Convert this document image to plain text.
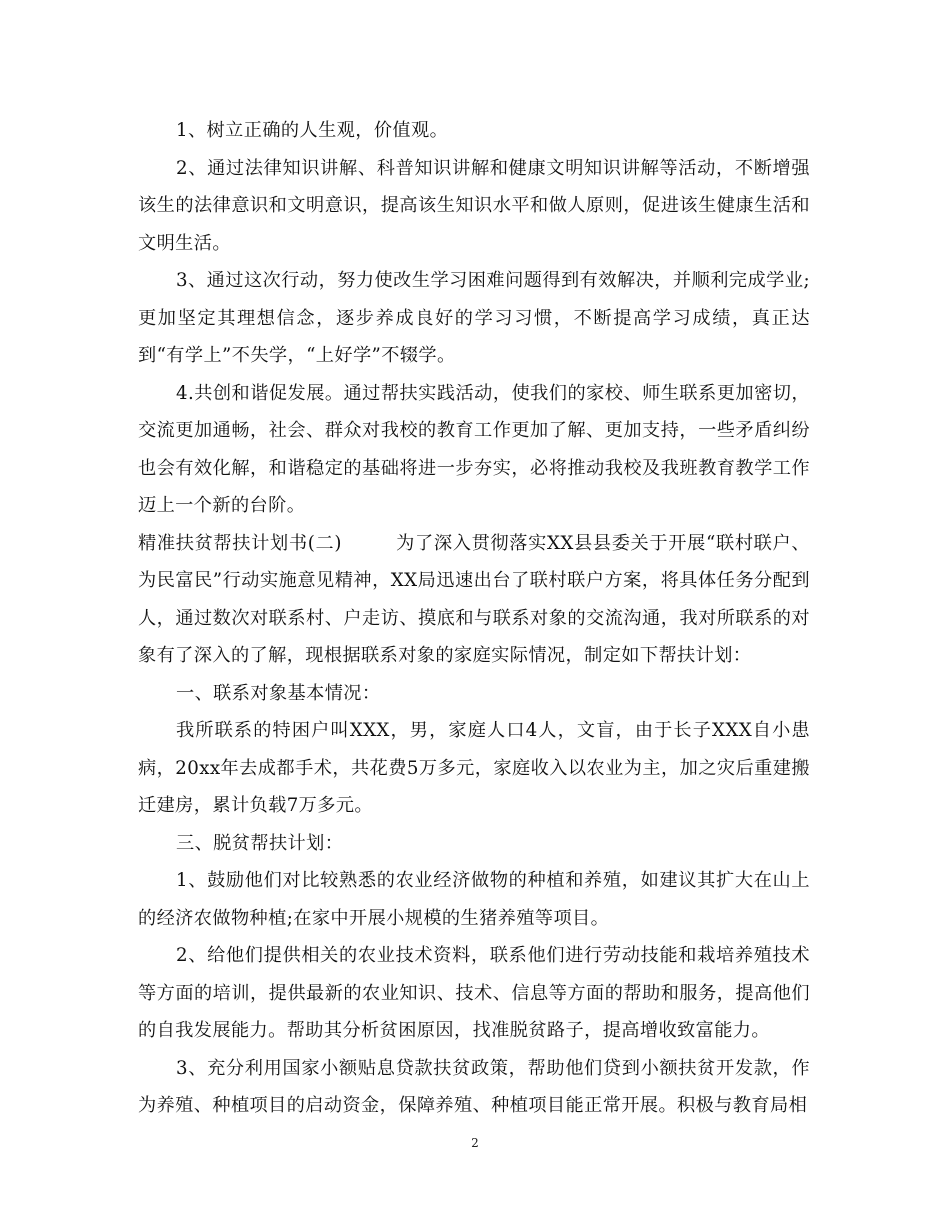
1、树立正确的人生观，价值观。

2、通过法律知识讲解、科普知识讲解和健康文明知识讲解等活动，不断增强该生的法律意识和文明意识，提高该生知识水平和做人原则，促进该生健康生活和文明生活。

3、通过这次行动，努力使改生学习困难问题得到有效解决，并顺利完成学业;更加坚定其理想信念，逐步养成良好的学习习惯，不断提高学习成绩，真正达到“有学上”不失学，“上好学”不辍学。

4.共创和谐促发展。通过帮扶实践活动，使我们的家校、师生联系更加密切，交流更加通畅，社会、群众对我校的教育工作更加了解、更加支持，一些矛盾纠纷也会有效化解，和谐稳定的基础将进一步夯实，必将推动我校及我班教育教学工作迈上一个新的台阶。

精准扶贫帮扶计划书(二)	为了深入贯彻落实XX县县委关于开展“联村联户、为民富民”行动实施意见精神，XX局迅速出台了联村联户方案，将具体任务分配到人，通过数次对联系村、户走访、摸底和与联系对象的交流沟通，我对所联系的对象有了深入的了解，现根据联系对象的家庭实际情况，制定如下帮扶计划：

一、联系对象基本情况：

我所联系的特困户叫XXX，男，家庭人口4人，文盲，由于长子XXX自小患病，20xx年去成都手术，共花费5万多元，家庭收入以农业为主，加之灾后重建搬迁建房，累计负载7万多元。

三、脱贫帮扶计划：

1、鼓励他们对比较熟悉的农业经济做物的种植和养殖，如建议其扩大在山上的经济农做物种植;在家中开展小规模的生猪养殖等项目。

2、给他们提供相关的农业技术资料，联系他们进行劳动技能和栽培养殖技术等方面的培训，提供最新的农业知识、技术、信息等方面的帮助和服务，提高他们的自我发展能力。帮助其分析贫困原因，找准脱贫路子，提高增收致富能力。

3、充分利用国家小额贴息贷款扶贫政策，帮助他们贷到小额扶贫开发款，作为养殖、种植项目的启动资金，保障养殖、种植项目能正常开展。积极与教育局相

2
